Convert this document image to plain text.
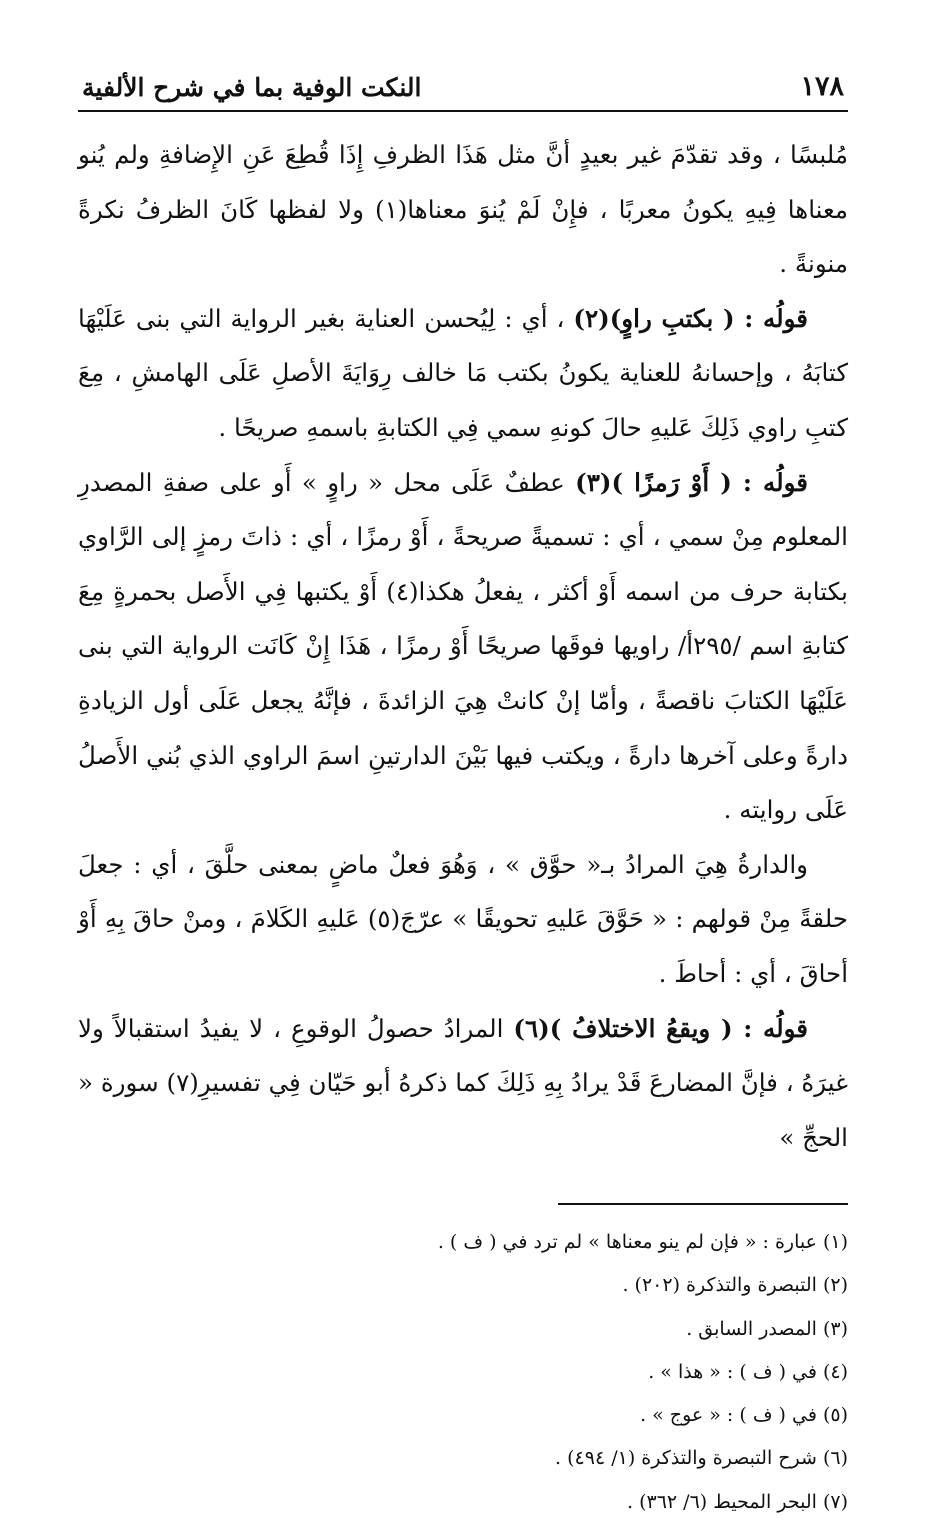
١٧٨
النكت الوفية بما في شرح الألفية

مُلبسًا ، وقد تقدّمَ غير بعيدٍ أنَّ مثل هَذَا الظرفِ إِذَا قُطِعَ عَنِ الإِضافةِ ولم يُنو معناها فِيهِ يكونُ معربًا ، فإِنْ لَمْ يُنوَ معناها(١) ولا لفظها كَانَ الظرفُ نكرةً منونةً .

قولُه : ( بكتبِ راوٍ)(٢) ، أي : لِيُحسن العناية بغير الرواية التي بنى عَلَيْهَا كتابَهُ ، وإحسانهُ للعناية يكونُ بكتب مَا خالف رِوَايَةَ الأصلِ عَلَى الهامشِ ، مِعَ كتبِ راوي ذَلِكَ عَليهِ حالَ كونهِ سمي فِي الكتابةِ باسمهِ صريحًا .

قولُه : ( أَوْ رَمزًا )(٣) عطفٌ عَلَى محل « راوٍ » أَو على صفةِ المصدرِ المعلوم مِنْ سمي ، أي : تسميةً صريحةً ، أَوْ رمزًا ، أي : ذاتَ رمزٍ إلى الرَّاوي بكتابة حرف من اسمه أَوْ أكثر ، يفعلُ هكذا(٤) أَوْ يكتبها فِي الأَصل بحمرةٍ مِعَ كتابةِ اسم /٢٩٥أ/ راويها فوقَها صريحًا أَوْ رمزًا ، هَذَا إِنْ كَانَت الرواية التي بنى عَلَيْهَا الكتابَ ناقصةً ، وأمّا إنْ كانتْ هِيَ الزائدةَ ، فإنَّهُ يجعل عَلَى أول الزيادةِ دارةً وعلى آخرها دارةً ، ويكتب فيها بَيْنَ الدارتينِ اسمَ الراوي الذي بُني الأَصلُ عَلَى روايته .

والدارةُ هِيَ المرادُ بـ« حوَّق » ، وَهُوَ فعلٌ ماضٍ بمعنى حلَّقَ ، أي : جعلَ حلقةً مِنْ قولهم : « حَوَّقَ عَليهِ تحويقًا » عرّجَ(٥) عَليهِ الكَلامَ ، ومنْ حاقَ بِهِ أَوْ أحاقَ ، أي : أحاطَ .

قولُه : ( ويقعُ الاختلافُ )(٦) المرادُ حصولُ الوقوعِ ، لا يفيدُ استقبالاً ولا غيرَهُ ، فإنَّ المضارعَ قَدْ يرادُ بِهِ ذَلِكَ كما ذكرهُ أبو حَيّان فِي تفسيرِ(٧) سورة « الحجِّ »

(١)عبارة : « فإن لم ينو معناها » لم ترد في ( ف ) .

(٢)التبصرة والتذكرة (٢٠٢) .

(٣)المصدر السابق .

(٤)في ( ف ) : « هذا » .

(٥)في ( ف ) : « عوج » .

(٦)شرح التبصرة والتذكرة (١/ ٤٩٤) .

(٧)البحر المحيط (٦/ ٣٦٢) .
